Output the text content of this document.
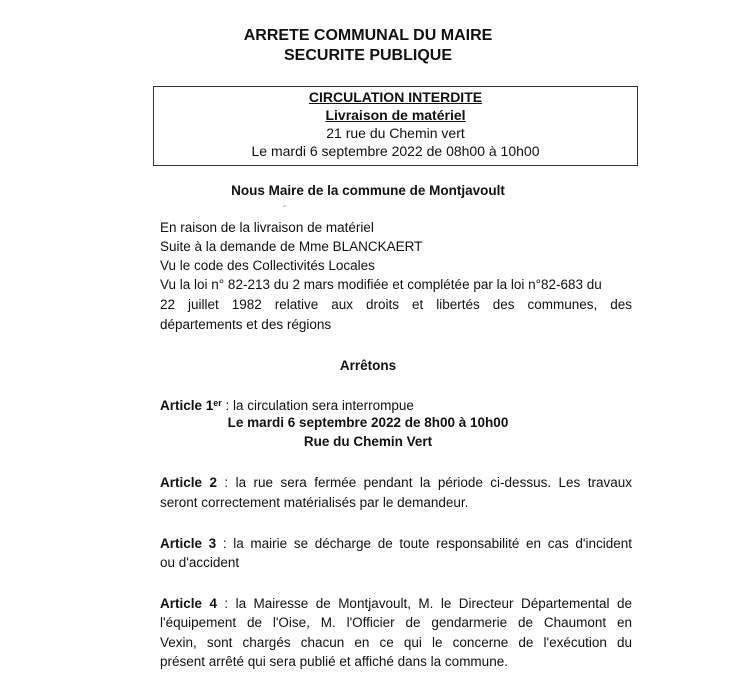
ARRETE COMMUNAL DU MAIRE
SECURITE PUBLIQUE
CIRCULATION INTERDITE
Livraison de matériel
21 rue du Chemin vert
Le mardi 6 septembre 2022 de 08h00 à 10h00
Nous Maire de la commune de Montjavoult
ˆ
En raison de la livraison de matériel
Suite à la demande de Mme BLANCKAERT
Vu le code des Collectivités Locales
Vu la loi n° 82-213 du 2 mars modifiée et complétée par la loi n°82-683 du
22 juillet 1982 relative aux droits et libertés des communes, des
départements et des régions
Arrêtons
Article 1er : la circulation sera interrompue
Le mardi 6 septembre 2022 de 8h00 à 10h00
Rue du Chemin Vert
Article 2 : la rue sera fermée pendant la période ci-dessus. Les travaux
seront correctement matérialisés par le demandeur.
Article 3 : la mairie se décharge de toute responsabilité en cas d'incident
ou d'accident
Article 4 : la Mairesse de Montjavoult, M. le Directeur Départemental de
l'équipement de l'Oise, M. l'Officier de gendarmerie de Chaumont en
Vexin, sont chargés chacun en ce qui le concerne de l'exécution du
présent arrêté qui sera publié et affiché dans la commune.
